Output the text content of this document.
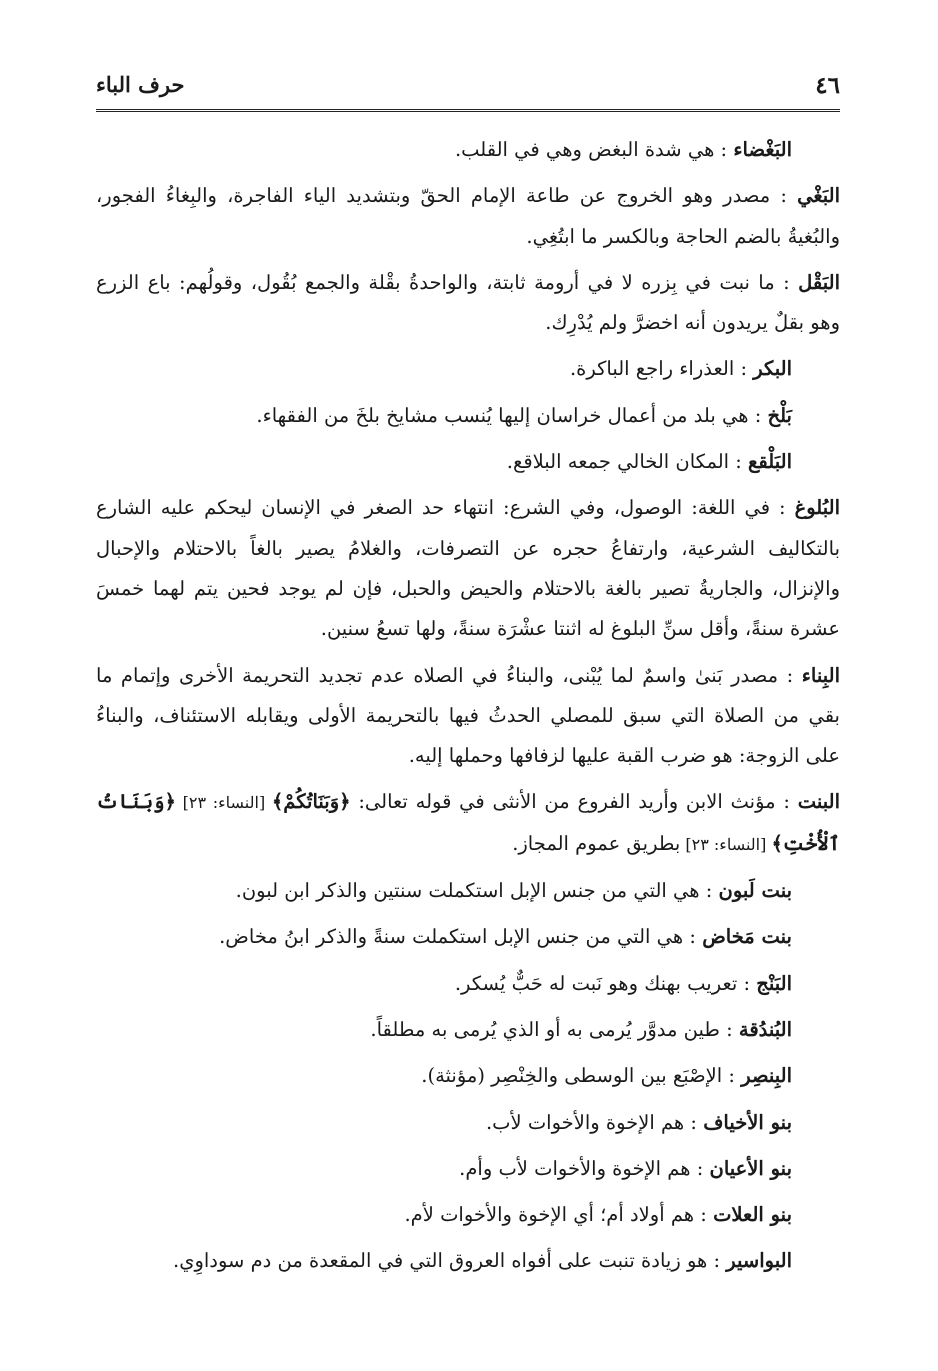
٤٦
حرف الباء

البَغْضاء : هي شدة البغض وهي في القلب.

البَغْي : مصدر وهو الخروج عن طاعة الإمام الحقّ وبتشديد الياء الفاجرة، والبِغاءُ الفجور، والبُغيةُ بالضم الحاجة وبالكسر ما ابتُغِي.

البَقْل : ما نبت في بِزره لا في أرومة ثابتة، والواحدةُ بقْلة والجمع بُقُول، وقولُهم: باع الزرع وهو بقلٌ يريدون أنه اخضرَّ ولم يُدْرِك.

البكر : العذراء راجع الباكرة.

بَلْخ : هي بلد من أعمال خراسان إليها يُنسب مشايخ بلخَ من الفقهاء.

البَلْقع : المكان الخالي جمعه البلاقع.

البُلوغ : في اللغة: الوصول، وفي الشرع: انتهاء حد الصغر في الإنسان ليحكم عليه الشارع بالتكاليف الشرعية، وارتفاعُ حجره عن التصرفات، والغلامُ يصير بالغاً بالاحتلام والإحبال والإنزال، والجاريةُ تصير بالغة بالاحتلام والحيض والحبل، فإن لم يوجد فحين يتم لهما خمسَ عشرة سنةً، وأقل سنِّ البلوغ له اثنتا عشْرَة سنةً، ولها تسعُ سنين.

البِناء : مصدر بَنىٰ واسمٌ لما يُبْنى، والبناءُ في الصلاه عدم تجديد التحريمة الأخرى وإتمام ما بقي من الصلاة التي سبق للمصلي الحدثُ فيها بالتحريمة الأولى ويقابله الاستئناف، والبناءُ على الزوجة: هو ضرب القبة عليها لزفافها وحملها إليه.

البنت : مؤنث الابن وأريد الفروع من الأنثى في قوله تعالى: ﴿وَبَنَاتُكُمْ﴾ [النساء: ٢٣] ﴿وَبَنَاتُ ٱلْأُخْتِ﴾ [النساء: ٢٣] بطريق عموم المجاز.

بنت لَبون : هي التي من جنس الإبل استكملت سنتين والذكر ابن لبون.

بنت مَخاض : هي التي من جنس الإبل استكملت سنةً والذكر ابنُ مخاض.

البَنْج : تعريب بهنك وهو نَبت له حَبٌّ يُسكر.

البُندُقة : طين مدوَّر يُرمى به أو الذي يُرمى به مطلقاً.

البِنصِر : الإصْبَع بين الوسطى والخِنْصِر (مؤنثة).

بنو الأخياف : هم الإخوة والأخوات لأب.

بنو الأعيان : هم الإخوة والأخوات لأب وأم.

بنو العلات : هم أولاد أم؛ أي الإخوة والأخوات لأم.

البواسير : هو زيادة تنبت على أفواه العروق التي في المقعدة من دم سوداوِي.
